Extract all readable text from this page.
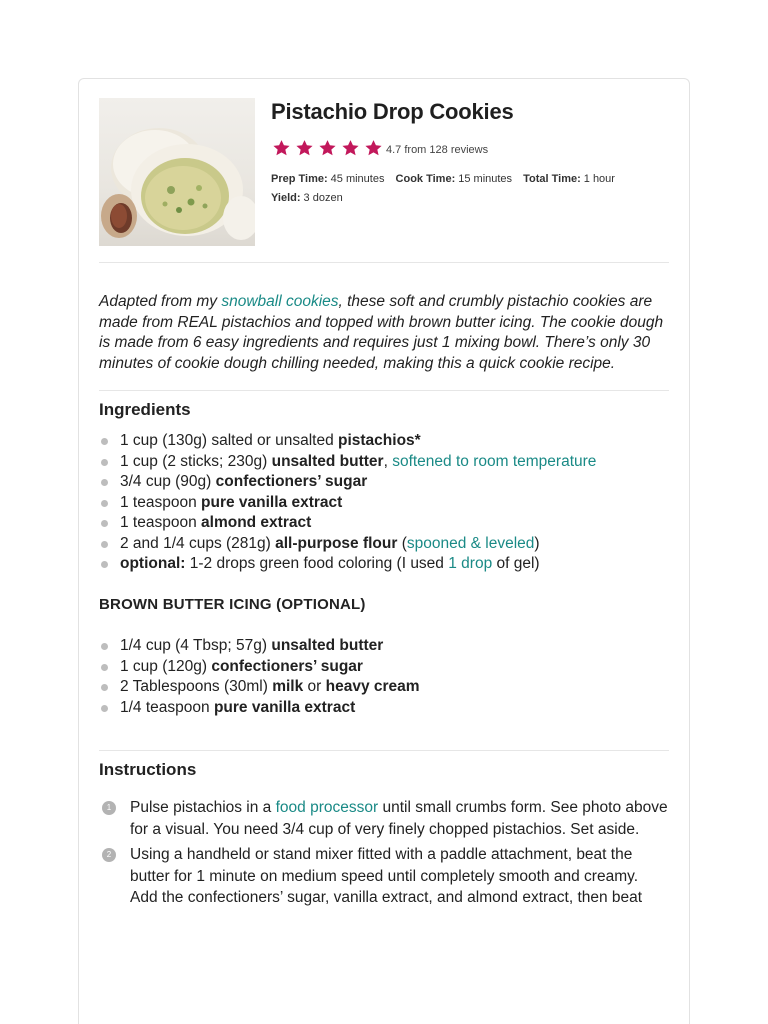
Pistachio Drop Cookies
4.7 from 128 reviews
Prep Time: 45 minutes Cook Time: 15 minutes Total Time: 1 hour
Yield: 3 dozen

Adapted from my snowball cookies, these soft and crumbly pistachio cookies are made from REAL pistachios and topped with brown butter icing. The cookie dough is made from 6 easy ingredients and requires just 1 mixing bowl. There’s only 30 minutes of cookie dough chilling needed, making this a quick cookie recipe.

Ingredients
1 cup (130g) salted or unsalted pistachios*
1 cup (2 sticks; 230g) unsalted butter, softened to room temperature
3/4 cup (90g) confectioners’ sugar
1 teaspoon pure vanilla extract
1 teaspoon almond extract
2 and 1/4 cups (281g) all-purpose flour (spooned & leveled)
optional: 1-2 drops green food coloring (I used 1 drop of gel)
BROWN BUTTER ICING (OPTIONAL)
1/4 cup (4 Tbsp; 57g) unsalted butter
1 cup (120g) confectioners’ sugar
2 Tablespoons (30ml) milk or heavy cream
1/4 teaspoon pure vanilla extract
Instructions
1	Pulse pistachios in a food processor until small crumbs form. See photo above for a visual. You need 3/4 cup of very finely chopped pistachios. Set aside.
2	Using a handheld or stand mixer fitted with a paddle attachment, beat the butter for 1 minute on medium speed until completely smooth and creamy. Add the confectioners’ sugar, vanilla extract, and almond extract, then beat
